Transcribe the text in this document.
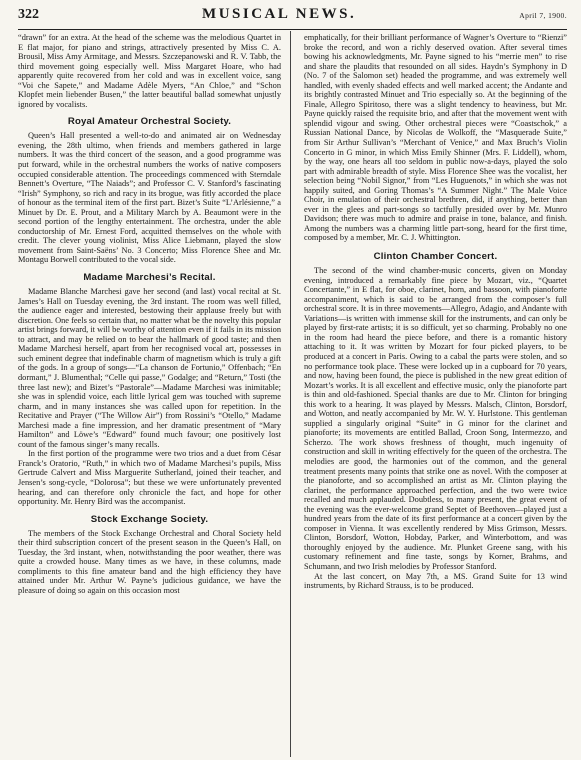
322	MUSICAL NEWS.	April 7, 1900.

“drawn” for an extra. At the head of the scheme was the melodious Quartet in E flat major, for piano and strings, attractively presented by Miss C. A. Brousil, Miss Amy Armitage, and Messrs. Szczepanowski and R. V. Tabb, the third movement going especially well. Miss Margaret Hoare, who had apparently quite recovered from her cold and was in excellent voice, sang “Voi che Sapete,” and Madame Adèle Myers, “An Chloe,” and “Schon Klopfet mein liebender Busen,” the latter beautiful ballad somewhat unjustly ignored by vocalists.

Royal Amateur Orchestral Society.

Queen’s Hall presented a well-to-do and animated air on Wednesday evening, the 28th ultimo, when friends and members gathered in large numbers. It was the third concert of the season, and a good programme was put forward, while in the orchestral numbers the works of native composers occupied considerable attention. The proceedings commenced with Sterndale Bennett’s Overture, “The Naiads”; and Professor C. V. Stanford’s fascinating “Irish” Symphony, so rich and racy in its brogue, was fitly accorded the place of honour as the terminal item of the first part. Bizet’s Suite “L’Arlésienne,” a Minuet by Dr. E. Prout, and a Military March by A. Beaumont were in the second portion of the lengthy entertainment. The orchestra, under the able conductorship of Mr. Ernest Ford, acquitted themselves on the whole with credit. The clever young violinist, Miss Alice Liebmann, played the slow movement from Saint-Saëns’ No. 3 Concerto; Miss Florence Shee and Mr. Montagu Borwell contributed to the vocal side.

Madame Marchesi’s Recital.

Madame Blanche Marchesi gave her second (and last) vocal recital at St. James’s Hall on Tuesday evening, the 3rd instant. The room was well filled, the audience eager and interested, bestowing their applause freely but with discretion. One feels so certain that, no matter what be the novelty this popular artist brings forward, it will be worthy of attention even if it fails in its mission to attract, and may be relied on to bear the hallmark of good taste; and then Madame Marchesi herself, apart from her recognised vocal art, possesses in such eminent degree that indefinable charm of magnetism which is truly a gift of the gods. In a group of songs—“La chanson de Fortunio,” Offenbach; “En dormant,” J. Blumenthal; “Celle qui passe,” Godalge; and “Return,” Tosti (the three last new); and Bizet’s “Pastorale”—Madame Marchesi was inimitable; she was in splendid voice, each little lyrical gem was touched with supreme charm, and in many instances she was called upon for repetition. In the Recitative and Prayer (“The Willow Air”) from Rossini’s “Otello,” Madame Marchesi made a fine impression, and her dramatic presentment of “Mary Hamilton” and Löwe’s “Edward” found much favour; one positively lost count of the famous singer’s many recalls.

In the first portion of the programme were two trios and a duet from César Franck’s Oratorio, “Ruth,” in which two of Madame Marchesi’s pupils, Miss Gertrude Calvert and Miss Marguerite Sutherland, joined their teacher, and Jensen’s song-cycle, “Dolorosa”; but these we were unfortunately prevented hearing, and can therefore only chronicle the fact, and hope for other opportunity. Mr. Henry Bird was the accompanist.

Stock Exchange Society.

The members of the Stock Exchange Orchestral and Choral Society held their third subscription concert of the present season in the Queen’s Hall, on Tuesday, the 3rd instant, when, notwithstanding the poor weather, there was quite a crowded house. Many times as we have, in these columns, made compliments to this fine amateur band and the high efficiency they have attained under Mr. Arthur W. Payne’s judicious guidance, we have the pleasure of doing so again on this occasion most

emphatically, for their brilliant performance of Wagner’s Overture to “Rienzi” broke the record, and won a richly deserved ovation. After several times bowing his acknowledgments, Mr. Payne signed to his “merrie men” to rise and share the plaudits that resounded on all sides. Haydn’s Symphony in D (No. 7 of the Salomon set) headed the programme, and was extremely well handled, with evenly shaded effects and well marked accent; the Andante and its brightly contrasted Minuet and Trio especially so. At the beginning of the Finale, Allegro Spiritoso, there was a slight tendency to heaviness, but Mr. Payne quickly raised the requisite brio, and after that the movement went with splendid vigour and swing. Other orchestral pieces were “Coastschok,” a Russian National Dance, by Nicolas de Wolkoff, the “Masquerade Suite,” from Sir Arthur Sullivan’s “Merchant of Venice,” and Max Bruch’s Violin Concerto in G minor, in which Miss Emily Shinner (Mrs. F. Liddell), whom, by the way, one hears all too seldom in public now-a-days, played the solo part with admirable breadth of style. Miss Florence Shee was the vocalist, her selection being “Nobil Signor,” from “Les Huguenots,” in which she was not happily suited, and Goring Thomas’s “A Summer Night.” The Male Voice Choir, in emulation of their orchestral brethren, did, if anything, better than ever in the glees and part-songs so tactfully presided over by Mr. Munro Davidson; there was much to admire and praise in tone, balance, and finish. Among the numbers was a charming little part-song, heard for the first time, composed by a member, Mr. C. J. Whittington.

Clinton Chamber Concert.

The second of the wind chamber-music concerts, given on Monday evening, introduced a remarkably fine piece by Mozart, viz., “Quartet Concertante,” in E flat, for oboe, clarinet, horn, and bassoon, with pianoforte accompaniment, which is said to be arranged from the composer’s full orchestral score. It is in three movements—Allegro, Adagio, and Andante with Variations—is written with immense skill for the instruments, and can only be played by first-rate artists; it is so difficult, yet so charming. Probably no one in the room had heard the piece before, and there is a romantic history attaching to it. It was written by Mozart for four picked players, to be produced at a concert in Paris. Owing to a cabal the parts were stolen, and so no performance took place. These were locked up in a cupboard for 70 years, and now, having been found, the piece is published in the new great edition of Mozart’s works. It is all excellent and effective music, only the pianoforte part is thin and old-fashioned. Special thanks are due to Mr. Clinton for bringing this work to a hearing. It was played by Messrs. Malsch, Clinton, Borsdorf, and Wotton, and neatly accompanied by Mr. W. Y. Hurlstone. This gentleman supplied a singularly original “Suite” in G minor for the clarinet and pianoforte; its movements are entitled Ballad, Croon Song, Intermezzo, and Scherzo. The work shows freshness of thought, much ingenuity of construction and skill in writing effectively for the queen of the orchestra. The melodies are good, the harmonies out of the common, and the general treatment presents many points that strike one as novel. With the composer at the pianoforte, and so accomplished an artist as Mr. Clinton playing the clarinet, the performance approached perfection, and the two were twice recalled and much applauded. Doubtless, to many present, the great event of the evening was the ever-welcome grand Septet of Beethoven—played just a hundred years from the date of its first performance at a concert given by the composer in Vienna. It was excellently rendered by Miss Grimson, Messrs. Clinton, Borsdorf, Wotton, Hobday, Parker, and Winterbottom, and was thoroughly enjoyed by the audience. Mr. Plunket Greene sang, with his customary refinement and fine taste, songs by Korner, Brahms, and Schumann, and two Irish melodies by Professor Stanford.

At the last concert, on May 7th, a MS. Grand Suite for 13 wind instruments, by Richard Strauss, is to be produced.
